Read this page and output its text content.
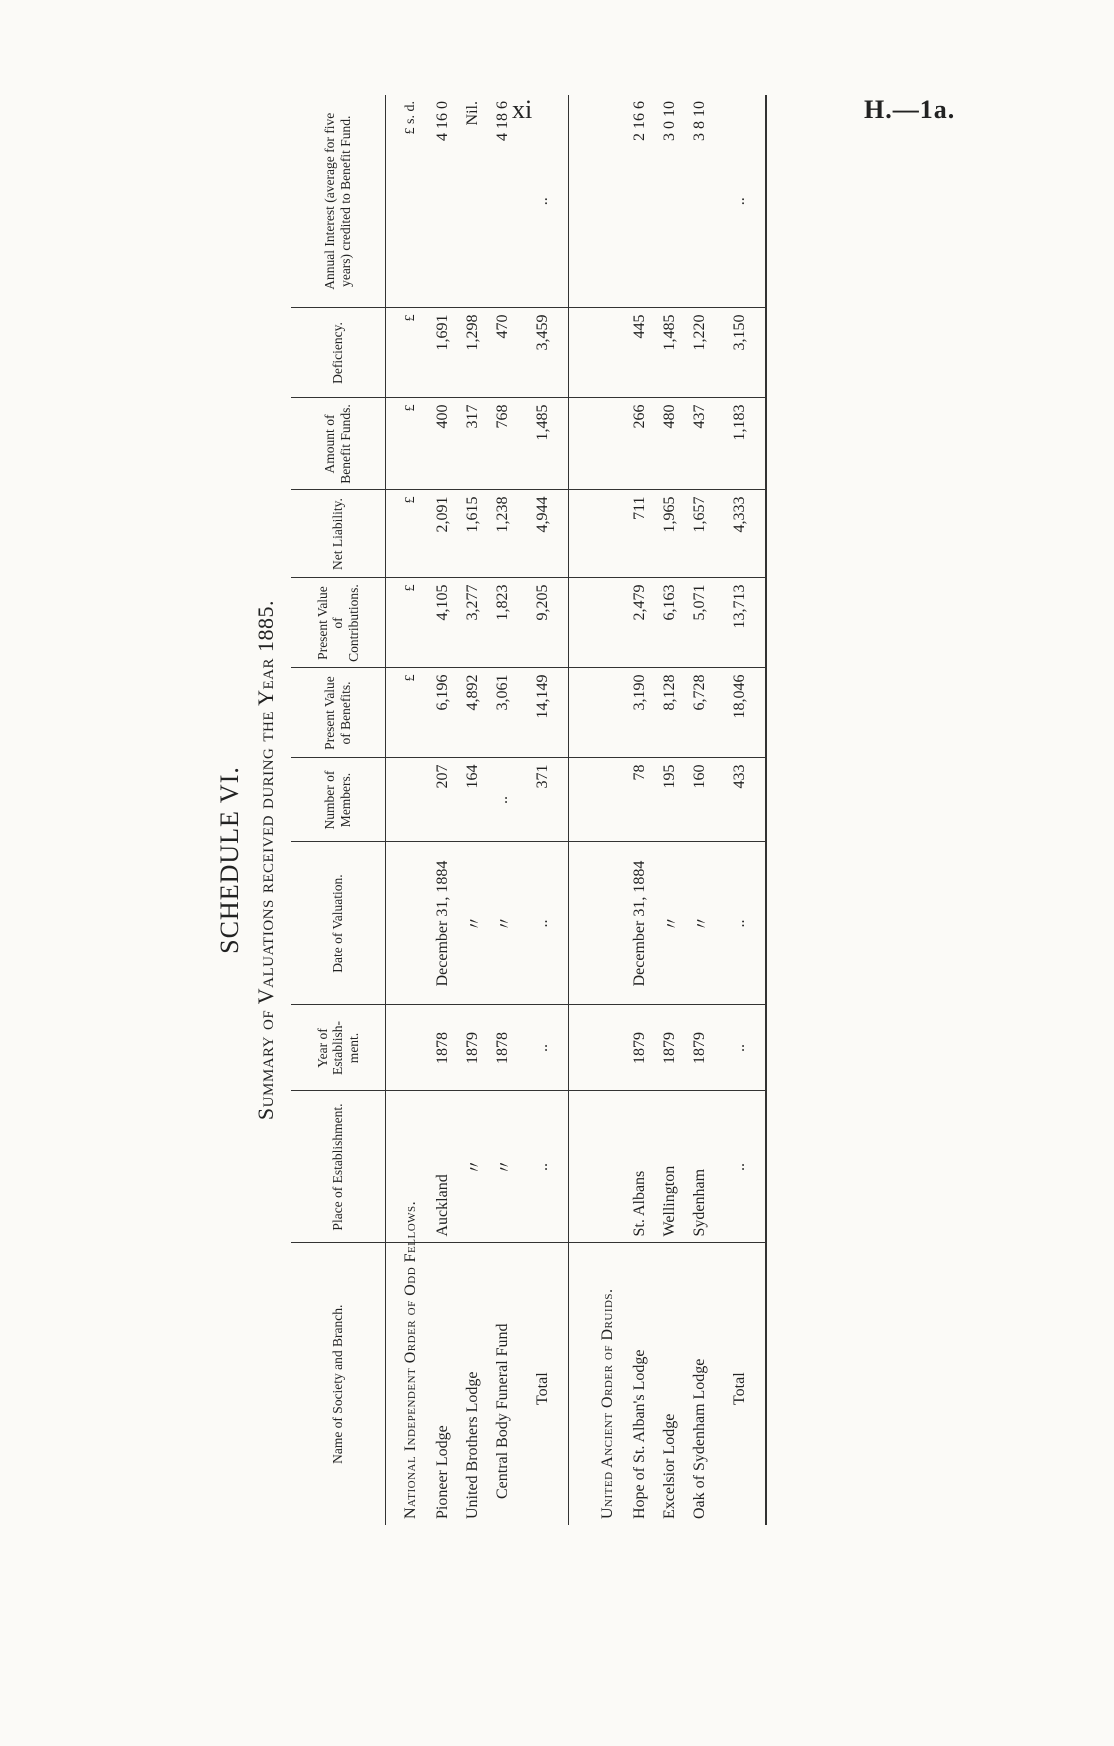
xi	H.—1a.
SCHEDULE VI. Summary of Valuations received during the Year 1885.
Name of Society and Branch.	Place of Establishment.	Year of Establish-ment.	Date of Valuation.	Number of Members.	Present Value of Benefits.	Present Value of Contributions.	Net Liability.	Amount of Benefit Funds.	Deficiency.	Annual Interest (average for five years) credited to Benefit Fund.
National Independent Order of Odd Fellows.					£	£	£	£	£	£ s. d.
Pioneer Lodge	Auckland	1878	December 31, 1884	207	6,196	4,105	2,091	400	1,691	4 16 0
United Brothers Lodge	〃	1879	〃	164	4,892	3,277	1,615	317	1,298	Nil.
Central Body Funeral Fund	〃	1878	〃	..	3,061	1,823	1,238	768	470	4 18 6
Total	..	..	..	371	14,149	9,205	4,944	1,485	3,459	..
United Ancient Order of Druids.										
Hope of St. Alban's Lodge	St. Albans	1879	December 31, 1884	78	3,190	2,479	711	266	445	2 16 6
Excelsior Lodge	Wellington	1879	〃	195	8,128	6,163	1,965	480	1,485	3 0 10
Oak of Sydenham Lodge	Sydenham	1879	〃	160	6,728	5,071	1,657	437	1,220	3 8 10
Total	..	..	..	433	18,046	13,713	4,333	1,183	3,150	..
